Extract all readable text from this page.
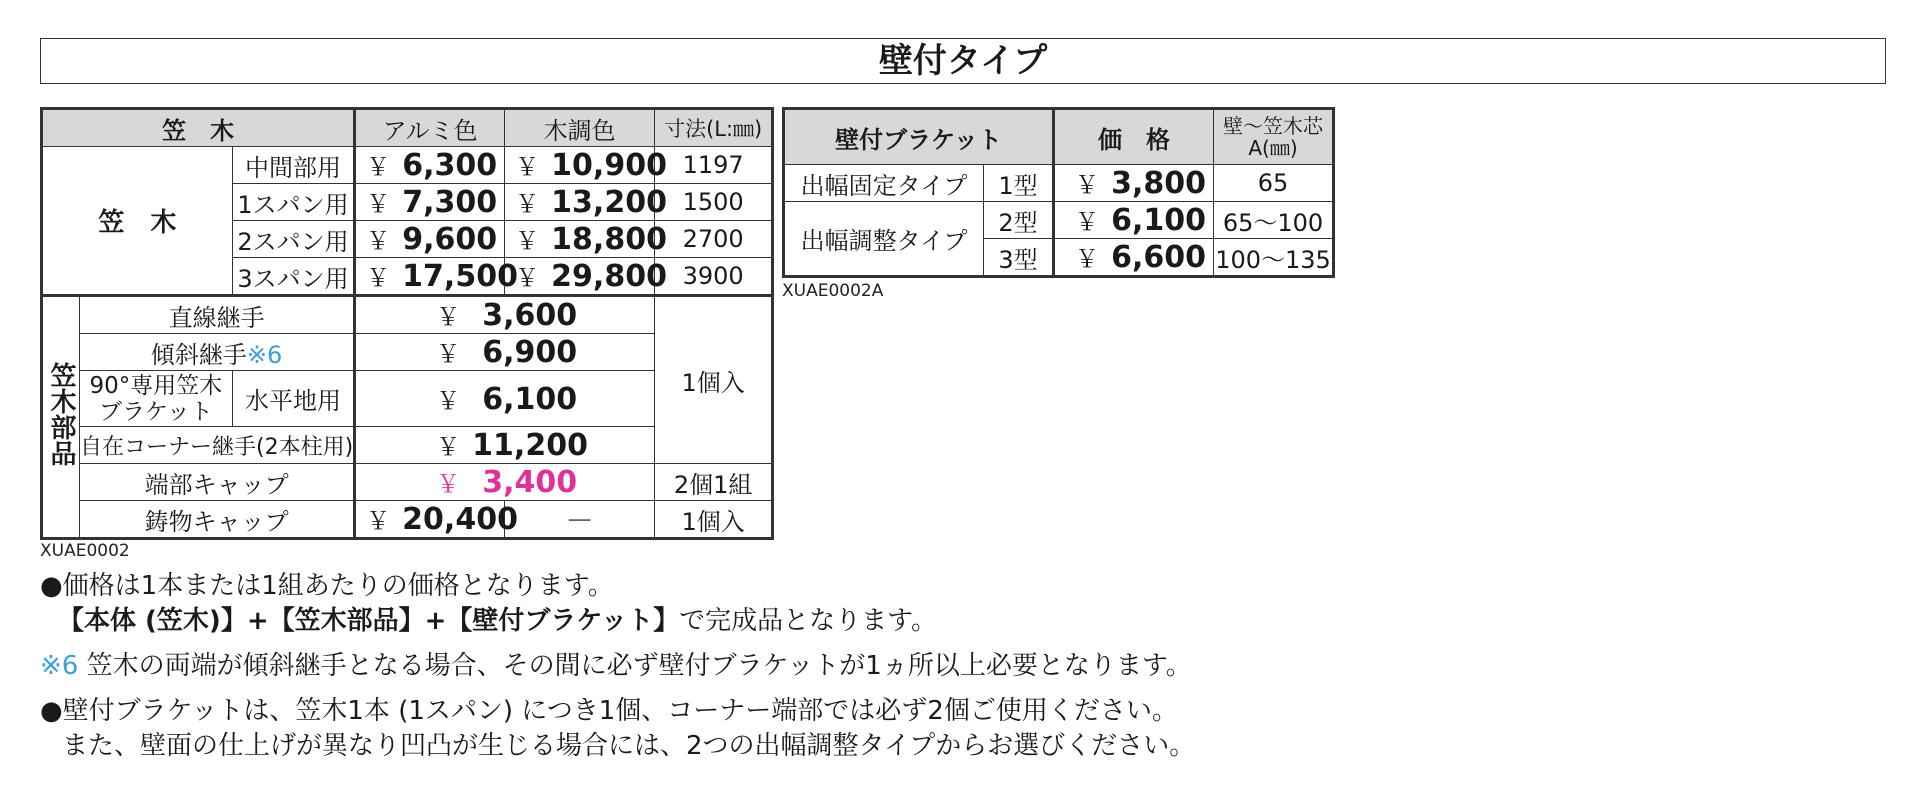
壁付タイプ
笠　木			アルミ色	木調色	寸法(L:㎜)
笠　木		中間部用	￥ 6,300	￥ 10,900	1197
		1スパン用	￥ 7,300	￥ 13,200	1500
		2スパン用	￥ 9,600	￥ 18,800	2700
		3スパン用	￥ 17,500	￥ 29,800	3900
笠木部品	直線継手		￥ 3,600		1個入
	傾斜継手※6		￥ 6,900		
	90°専用笠木ブラケット	水平地用	￥ 6,100		
	自在コーナー継手(2本柱用)		￥ 11,200		
	端部キャップ		￥ 3,400		2個1組
	鋳物キャップ		￥ 20,400	—	1個入
XUAE0002
壁付ブラケット		価　格	壁～笠木芯
A(㎜)

出幅固定タイプ	1型	￥ 3,800	65
出幅調整タイプ	2型	￥ 6,100	65～100
	3型	￥ 6,600	100～135
XUAE0002A
●価格は1本または1組あたりの価格となります。
【本体 (笠木)】+【笠木部品】+【壁付ブラケット】で完成品となります。
※6 笠木の両端が傾斜継手となる場合、その間に必ず壁付ブラケットが1ヵ所以上必要となります。
●壁付ブラケットは、笠木1本 (1スパン) につき1個、コーナー端部では必ず2個ご使用ください。
また、壁面の仕上げが異なり凹凸が生じる場合には、2つの出幅調整タイプからお選びください。
